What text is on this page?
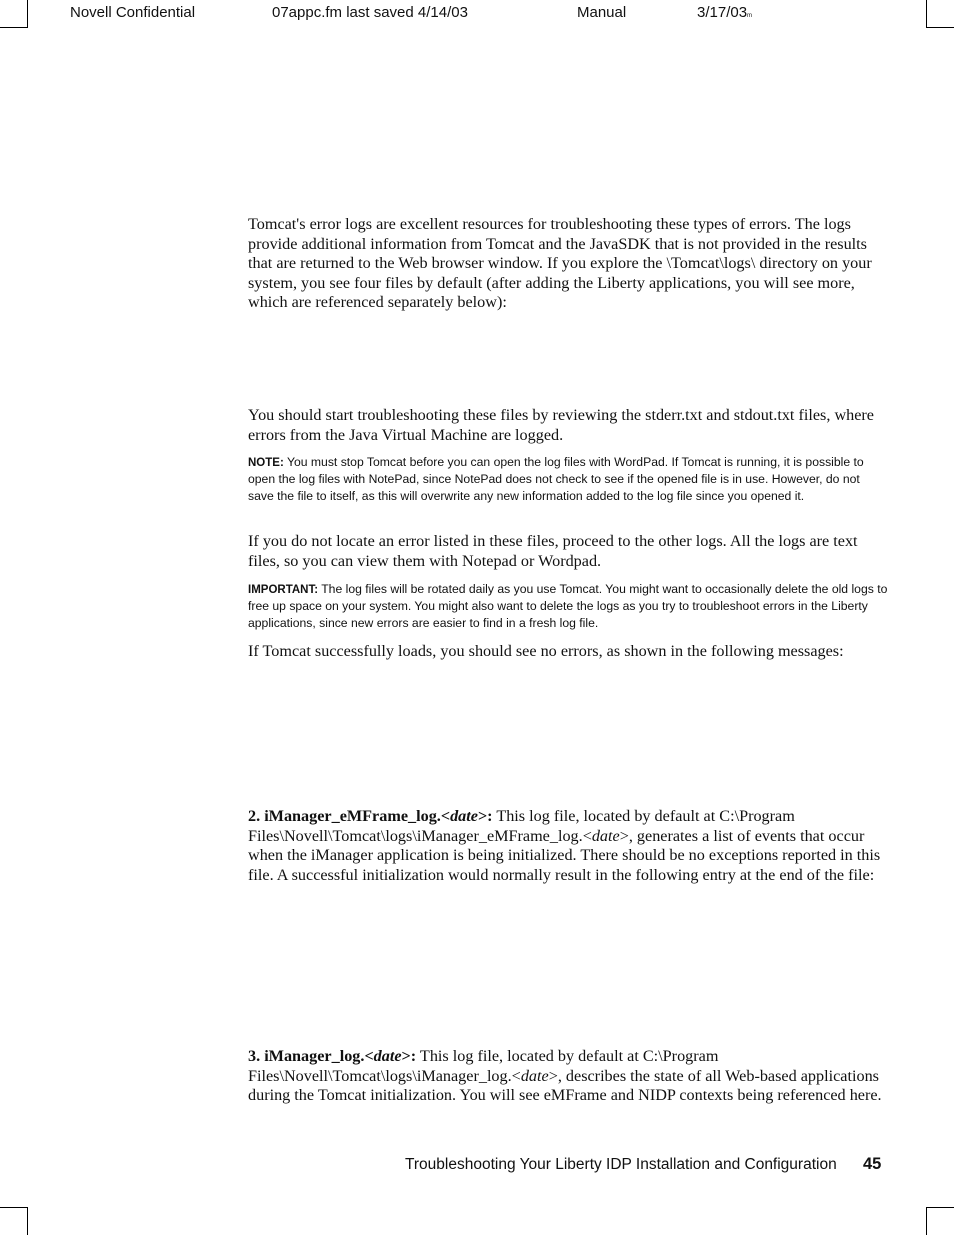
Novell Confidential	07appc.fm last saved 4/14/03	Manual	3/17/03m
Tomcat's error logs are excellent resources for troubleshooting these types of errors. The logs provide additional information from Tomcat and the JavaSDK that is not provided in the results that are returned to the Web browser window. If you explore the \Tomcat\logs\ directory on your system, you see four files by default (after adding the Liberty applications, you will see more, which are referenced separately below):
You should start troubleshooting these files by reviewing the stderr.txt and stdout.txt files, where errors from the Java Virtual Machine are logged.
NOTE: You must stop Tomcat before you can open the log files with WordPad. If Tomcat is running, it is possible to open the log files with NotePad, since NotePad does not check to see if the opened file is in use. However, do not save the file to itself, as this will overwrite any new information added to the log file since you opened it.
If you do not locate an error listed in these files, proceed to the other logs. All the logs are text files, so you can view them with Notepad or Wordpad.
IMPORTANT: The log files will be rotated daily as you use Tomcat. You might want to occasionally delete the old logs to free up space on your system. You might also want to delete the logs as you try to troubleshoot errors in the Liberty applications, since new errors are easier to find in a fresh log file.
If Tomcat successfully loads, you should see no errors, as shown in the following messages:
2. iManager_eMFrame_log.<date>: This log file, located by default at C:\Program Files\Novell\Tomcat\logs\iManager_eMFrame_log.<date>, generates a list of events that occur when the iManager application is being initialized. There should be no exceptions reported in this file. A successful initialization would normally result in the following entry at the end of the file:
3. iManager_log.<date>: This log file, located by default at C:\Program Files\Novell\Tomcat\logs\iManager_log.<date>, describes the state of all Web-based applications during the Tomcat initialization. You will see eMFrame and NIDP contexts being referenced here.
Troubleshooting Your Liberty IDP Installation and Configuration 45
